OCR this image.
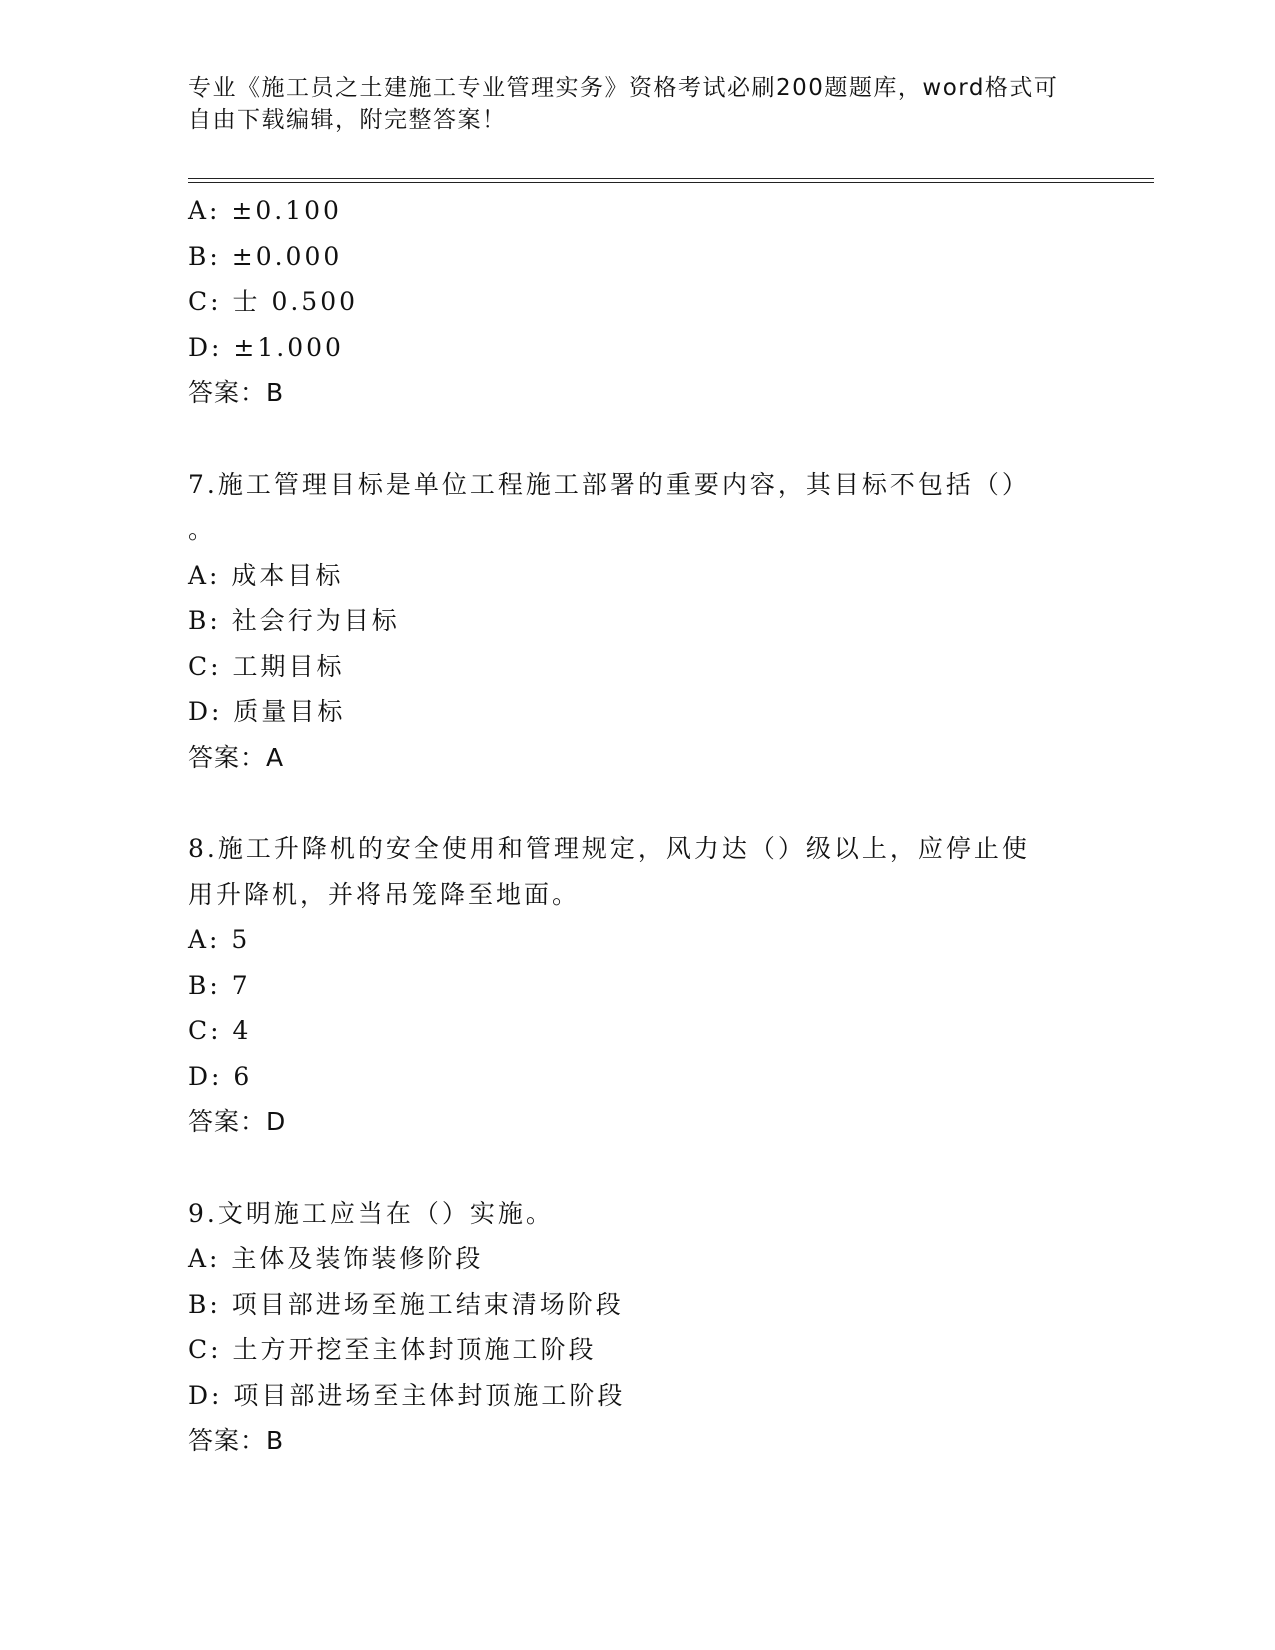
专业《施工员之土建施工专业管理实务》资格考试必刷200题题库，word格式可
自由下载编辑，附完整答案！
A: ±0.100
B: ±0.000
C: 士 0.500
D: ±1.000
答案：B
7.施工管理目标是单位工程施工部署的重要内容，其目标不包括（）
。
A: 成本目标
B: 社会行为目标
C: 工期目标
D: 质量目标
答案：A
8.施工升降机的安全使用和管理规定，风力达（）级以上，应停止使
用升降机，并将吊笼降至地面。
A: 5
B: 7
C: 4
D: 6
答案：D
9.文明施工应当在（）实施。
A: 主体及装饰装修阶段
B: 项目部进场至施工结束清场阶段
C: 土方开挖至主体封顶施工阶段
D: 项目部进场至主体封顶施工阶段
答案：B
